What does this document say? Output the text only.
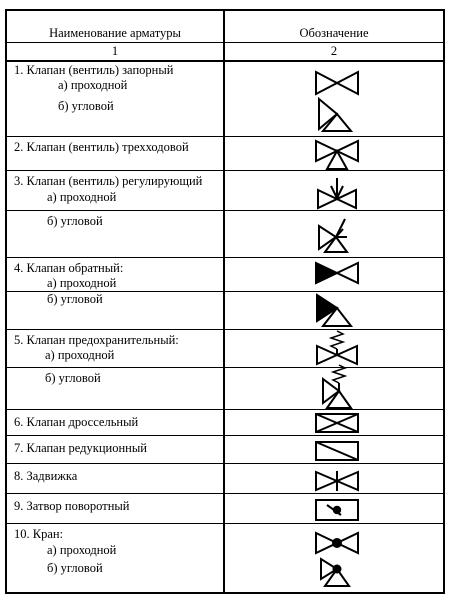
Наименование арматуры	Обозначение
1	2
1. Клапан (вентиль) запорный
а) проходной
б) угловой
2. Клапан (вентиль) трехходовой
3. Клапан (вентиль) регулирующий
а) проходной
б) угловой
4. Клапан обратный:
а) проходной
б) угловой
5. Клапан предохранительный:
а) проходной
б) угловой
6. Клапан дроссельный
7. Клапан редукционный
8. Задвижка
9. Затвор поворотный
10. Кран:
а) проходной
б) угловой
